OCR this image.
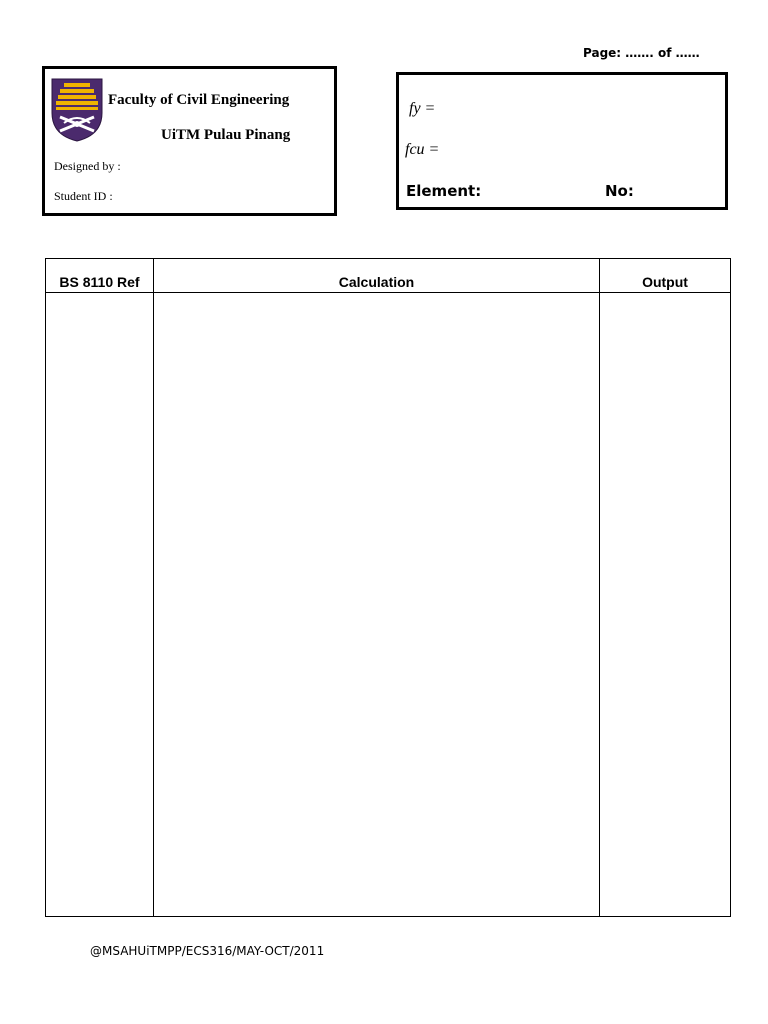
Page: ……. of ……
Faculty of Civil Engineering
UiTM Pulau Pinang
Designed by :
Student ID :
fy =
fcu =
Element:	No:
BS 8110 Ref	Calculation	Output

@MSAHUiTMPP/ECS316/MAY-OCT/2011
